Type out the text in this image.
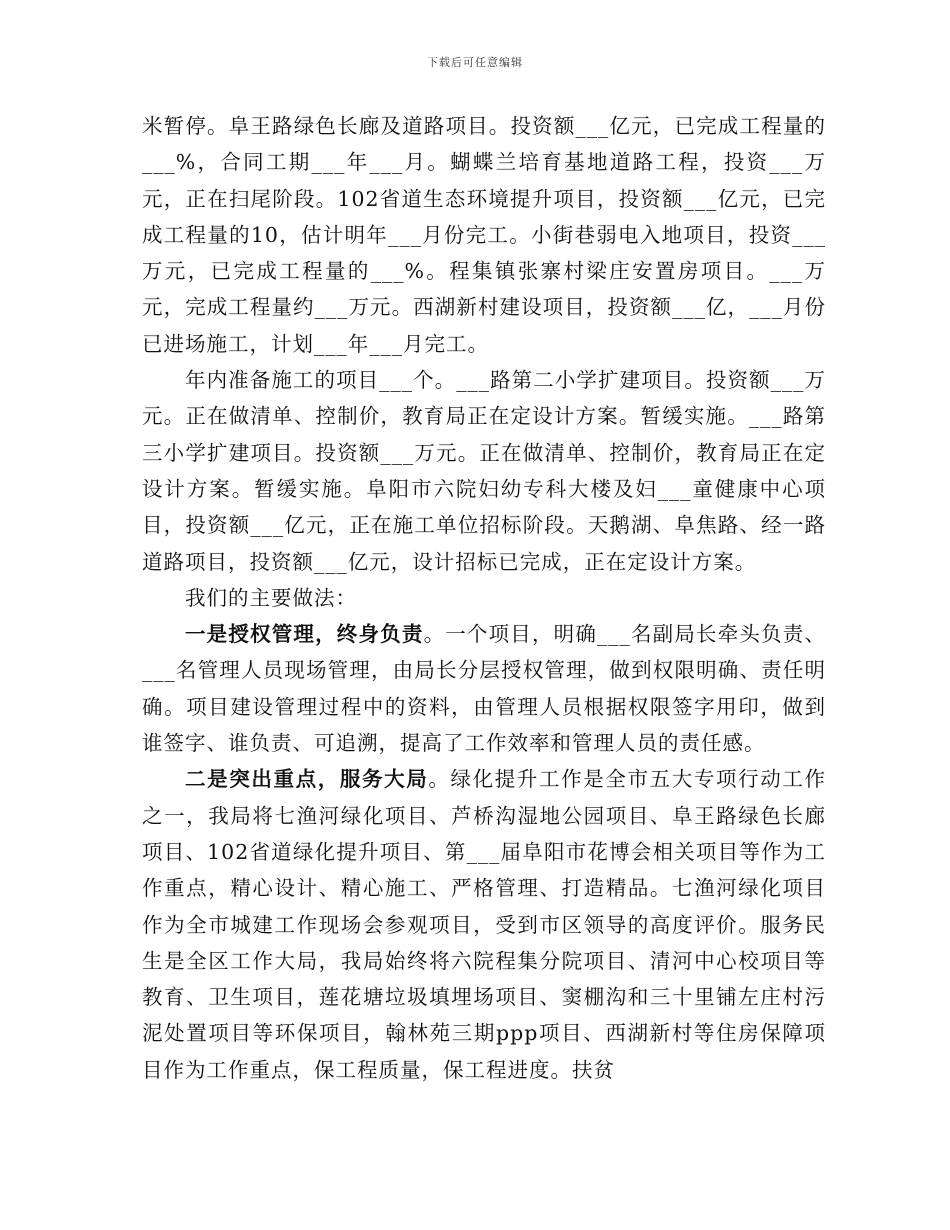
下载后可任意编辑

米暂停。阜王路绿色长廊及道路项目。投资额___亿元，已完成工程量的___%，合同工期___年___月。蝴蝶兰培育基地道路工程，投资___万元，正在扫尾阶段。102省道生态环境提升项目，投资额___亿元，已完成工程量的10，估计明年___月份完工。小街巷弱电入地项目，投资___万元，已完成工程量的___%。程集镇张寨村梁庄安置房项目。___万元，完成工程量约___万元。西湖新村建设项目，投资额___亿，___月份已进场施工，计划___年___月完工。

年内准备施工的项目___个。___路第二小学扩建项目。投资额___万元。正在做清单、控制价，教育局正在定设计方案。暂缓实施。___路第三小学扩建项目。投资额___万元。正在做清单、控制价，教育局正在定设计方案。暂缓实施。阜阳市六院妇幼专科大楼及妇___童健康中心项目，投资额___亿元，正在施工单位招标阶段。天鹅湖、阜焦路、经一路道路项目，投资额___亿元，设计招标已完成，正在定设计方案。

我们的主要做法：

一是授权管理，终身负责。一个项目，明确___名副局长牵头负责、___名管理人员现场管理，由局长分层授权管理，做到权限明确、责任明确。项目建设管理过程中的资料，由管理人员根据权限签字用印，做到谁签字、谁负责、可追溯，提高了工作效率和管理人员的责任感。

二是突出重点，服务大局。绿化提升工作是全市五大专项行动工作之一，我局将七渔河绿化项目、芦桥沟湿地公园项目、阜王路绿色长廊项目、102省道绿化提升项目、第___届阜阳市花博会相关项目等作为工作重点，精心设计、精心施工、严格管理、打造精品。七渔河绿化项目作为全市城建工作现场会参观项目，受到市区领导的高度评价。服务民生是全区工作大局，我局始终将六院程集分院项目、清河中心校项目等教育、卫生项目，莲花塘垃圾填埋场项目、窦棚沟和三十里铺左庄村污泥处置项目等环保项目，翰林苑三期ppp项目、西湖新村等住房保障项目作为工作重点，保工程质量，保工程进度。扶贫
